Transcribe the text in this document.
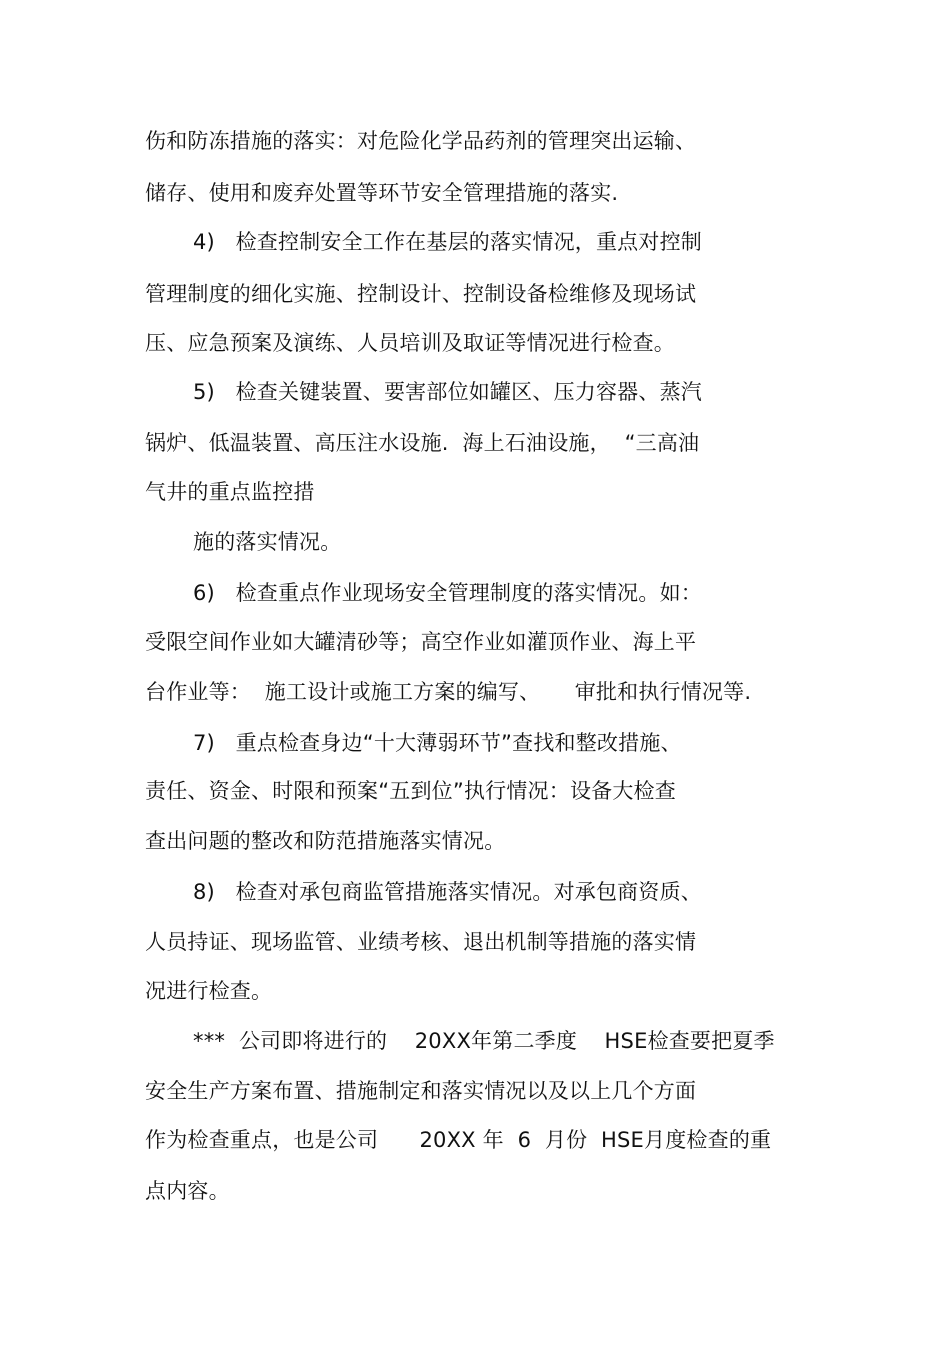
伤和防冻措施的落实：对危险化学品药剂的管理突出运输、
储存、使用和废弃处置等环节安全管理措施的落实.
4)   检查控制安全工作在基层的落实情况，重点对控制
管理制度的细化实施、控制设计、控制设备检维修及现场试
压、应急预案及演练、人员培训及取证等情况进行检查。
5)   检查关键装置、要害部位如罐区、压力容器、蒸汽
锅炉、低温装置、高压注水设施.  海上石油设施，  “三高油
气井的重点监控措
施的落实情况。
6)   检查重点作业现场安全管理制度的落实情况。如：
受限空间作业如大罐清砂等；高空作业如灌顶作业、海上平
台作业等：  施工设计或施工方案的编写、     审批和执行情况等.
7)   重点检查身边“十大薄弱环节”查找和整改措施、
责任、资金、时限和预案“五到位”执行情况：设备大检查
查出问题的整改和防范措施落实情况。
8)   检查对承包商监管措施落实情况。对承包商资质、
人员持证、现场监管、业绩考核、退出机制等措施的落实情
况进行检查。
***  公司即将进行的    20XX年第二季度    HSE检查要把夏季
安全生产方案布置、措施制定和落实情况以及以上几个方面
作为检查重点，也是公司      20XX 年  6  月份  HSE月度检查的重
点内容。
